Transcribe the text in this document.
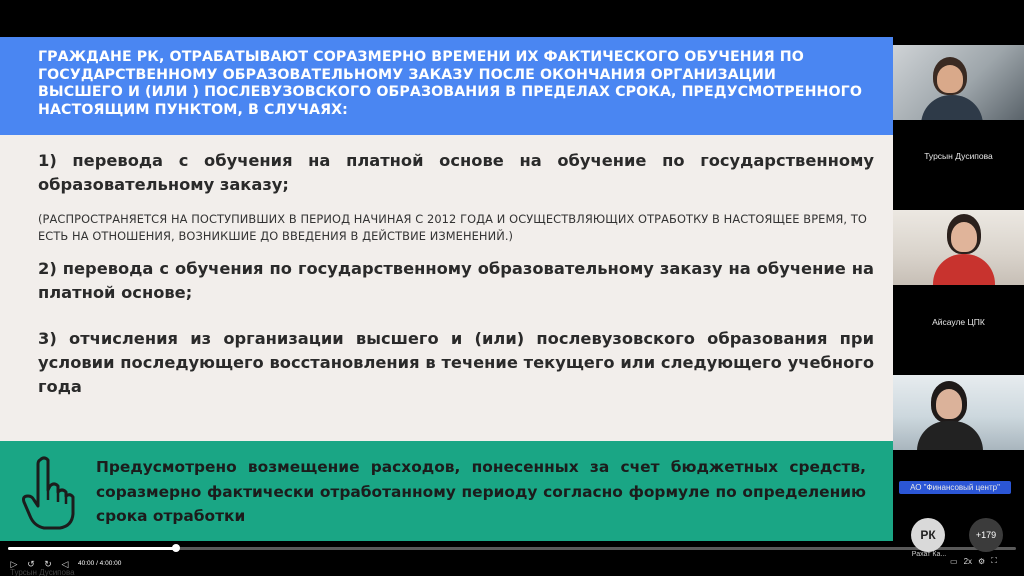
ГРАЖДАНЕ РК, ОТРАБАТЫВАЮТ СОРАЗМЕРНО ВРЕМЕНИ ИХ ФАКТИЧЕСКОГО ОБУЧЕНИЯ ПО ГОСУДАРСТВЕННОМУ ОБРАЗОВАТЕЛЬНОМУ ЗАКАЗУ ПОСЛЕ ОКОНЧАНИЯ ОРГАНИЗАЦИИ ВЫСШЕГО И (ИЛИ ) ПОСЛЕВУЗОВСКОГО ОБРАЗОВАНИЯ В ПРЕДЕЛАХ СРОКА, ПРЕДУСМОТРЕННОГО НАСТОЯЩИМ ПУНКТОМ, В СЛУЧАЯХ:

1) перевода с обучения на платной основе на обучение по государственному образовательному заказу;

(РАСПРОСТРАНЯЕТСЯ НА ПОСТУПИВШИХ В ПЕРИОД НАЧИНАЯ С 2012 ГОДА И ОСУЩЕСТВЛЯЮЩИХ ОТРАБОТКУ В НАСТОЯЩЕЕ ВРЕМЯ, ТО ЕСТЬ НА ОТНОШЕНИЯ, ВОЗНИКШИЕ ДО ВВЕДЕНИЯ В ДЕЙСТВИЕ ИЗМЕНЕНИЙ.)

2) перевода с обучения по государственному образовательному заказу на обучение на платной основе;

3) отчисления из организации высшего и (или) послевузовского образования при условии последующего восстановления в течение текущего или следующего учебного года

Предусмотрено возмещение расходов, понесенных за счет бюджетных средств, соразмерно фактически отработанному периоду согласно формуле по определению срока отработки

Турсын Дусипова
Айсауле ЦПК
АО "Финансовый центр"
▷ ↺ ↻ ◁	40:00 / 4:00:00
Турсын Дусипова
РК
Рахат Ка...
+179
▭ 2x ⚙ ⛶
